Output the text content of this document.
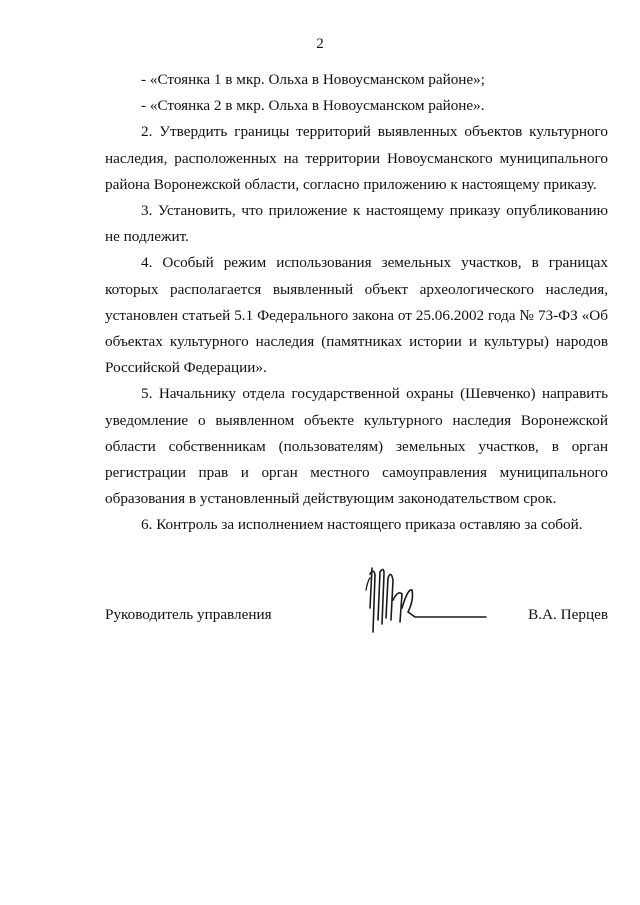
2

- «Стоянка 1 в мкр. Ольха в Новоусманском районе»;

- «Стоянка 2 в мкр. Ольха в Новоусманском районе».

2. Утвердить границы территорий выявленных объектов культурного наследия, расположенных на территории Новоусманского муниципального района Воронежской области, согласно приложению к настоящему приказу.

3. Установить, что приложение к настоящему приказу опубликованию не подлежит.

4. Особый режим использования земельных участков, в границах которых располагается выявленный объект археологического наследия, установлен статьей 5.1 Федерального закона от 25.06.2002 года № 73-ФЗ «Об объектах культурного наследия (памятниках истории и культуры) народов Российской Федерации».

5. Начальнику отдела государственной охраны (Шевченко) направить уведомление о выявленном объекте культурного наследия Воронежской области собственникам (пользователям) земельных участков, в орган регистрации прав и орган местного самоуправления муниципального образования в установленный действующим законодательством срок.

6. Контроль за исполнением настоящего приказа оставляю за собой.

Руководитель управления	В.А. Перцев
